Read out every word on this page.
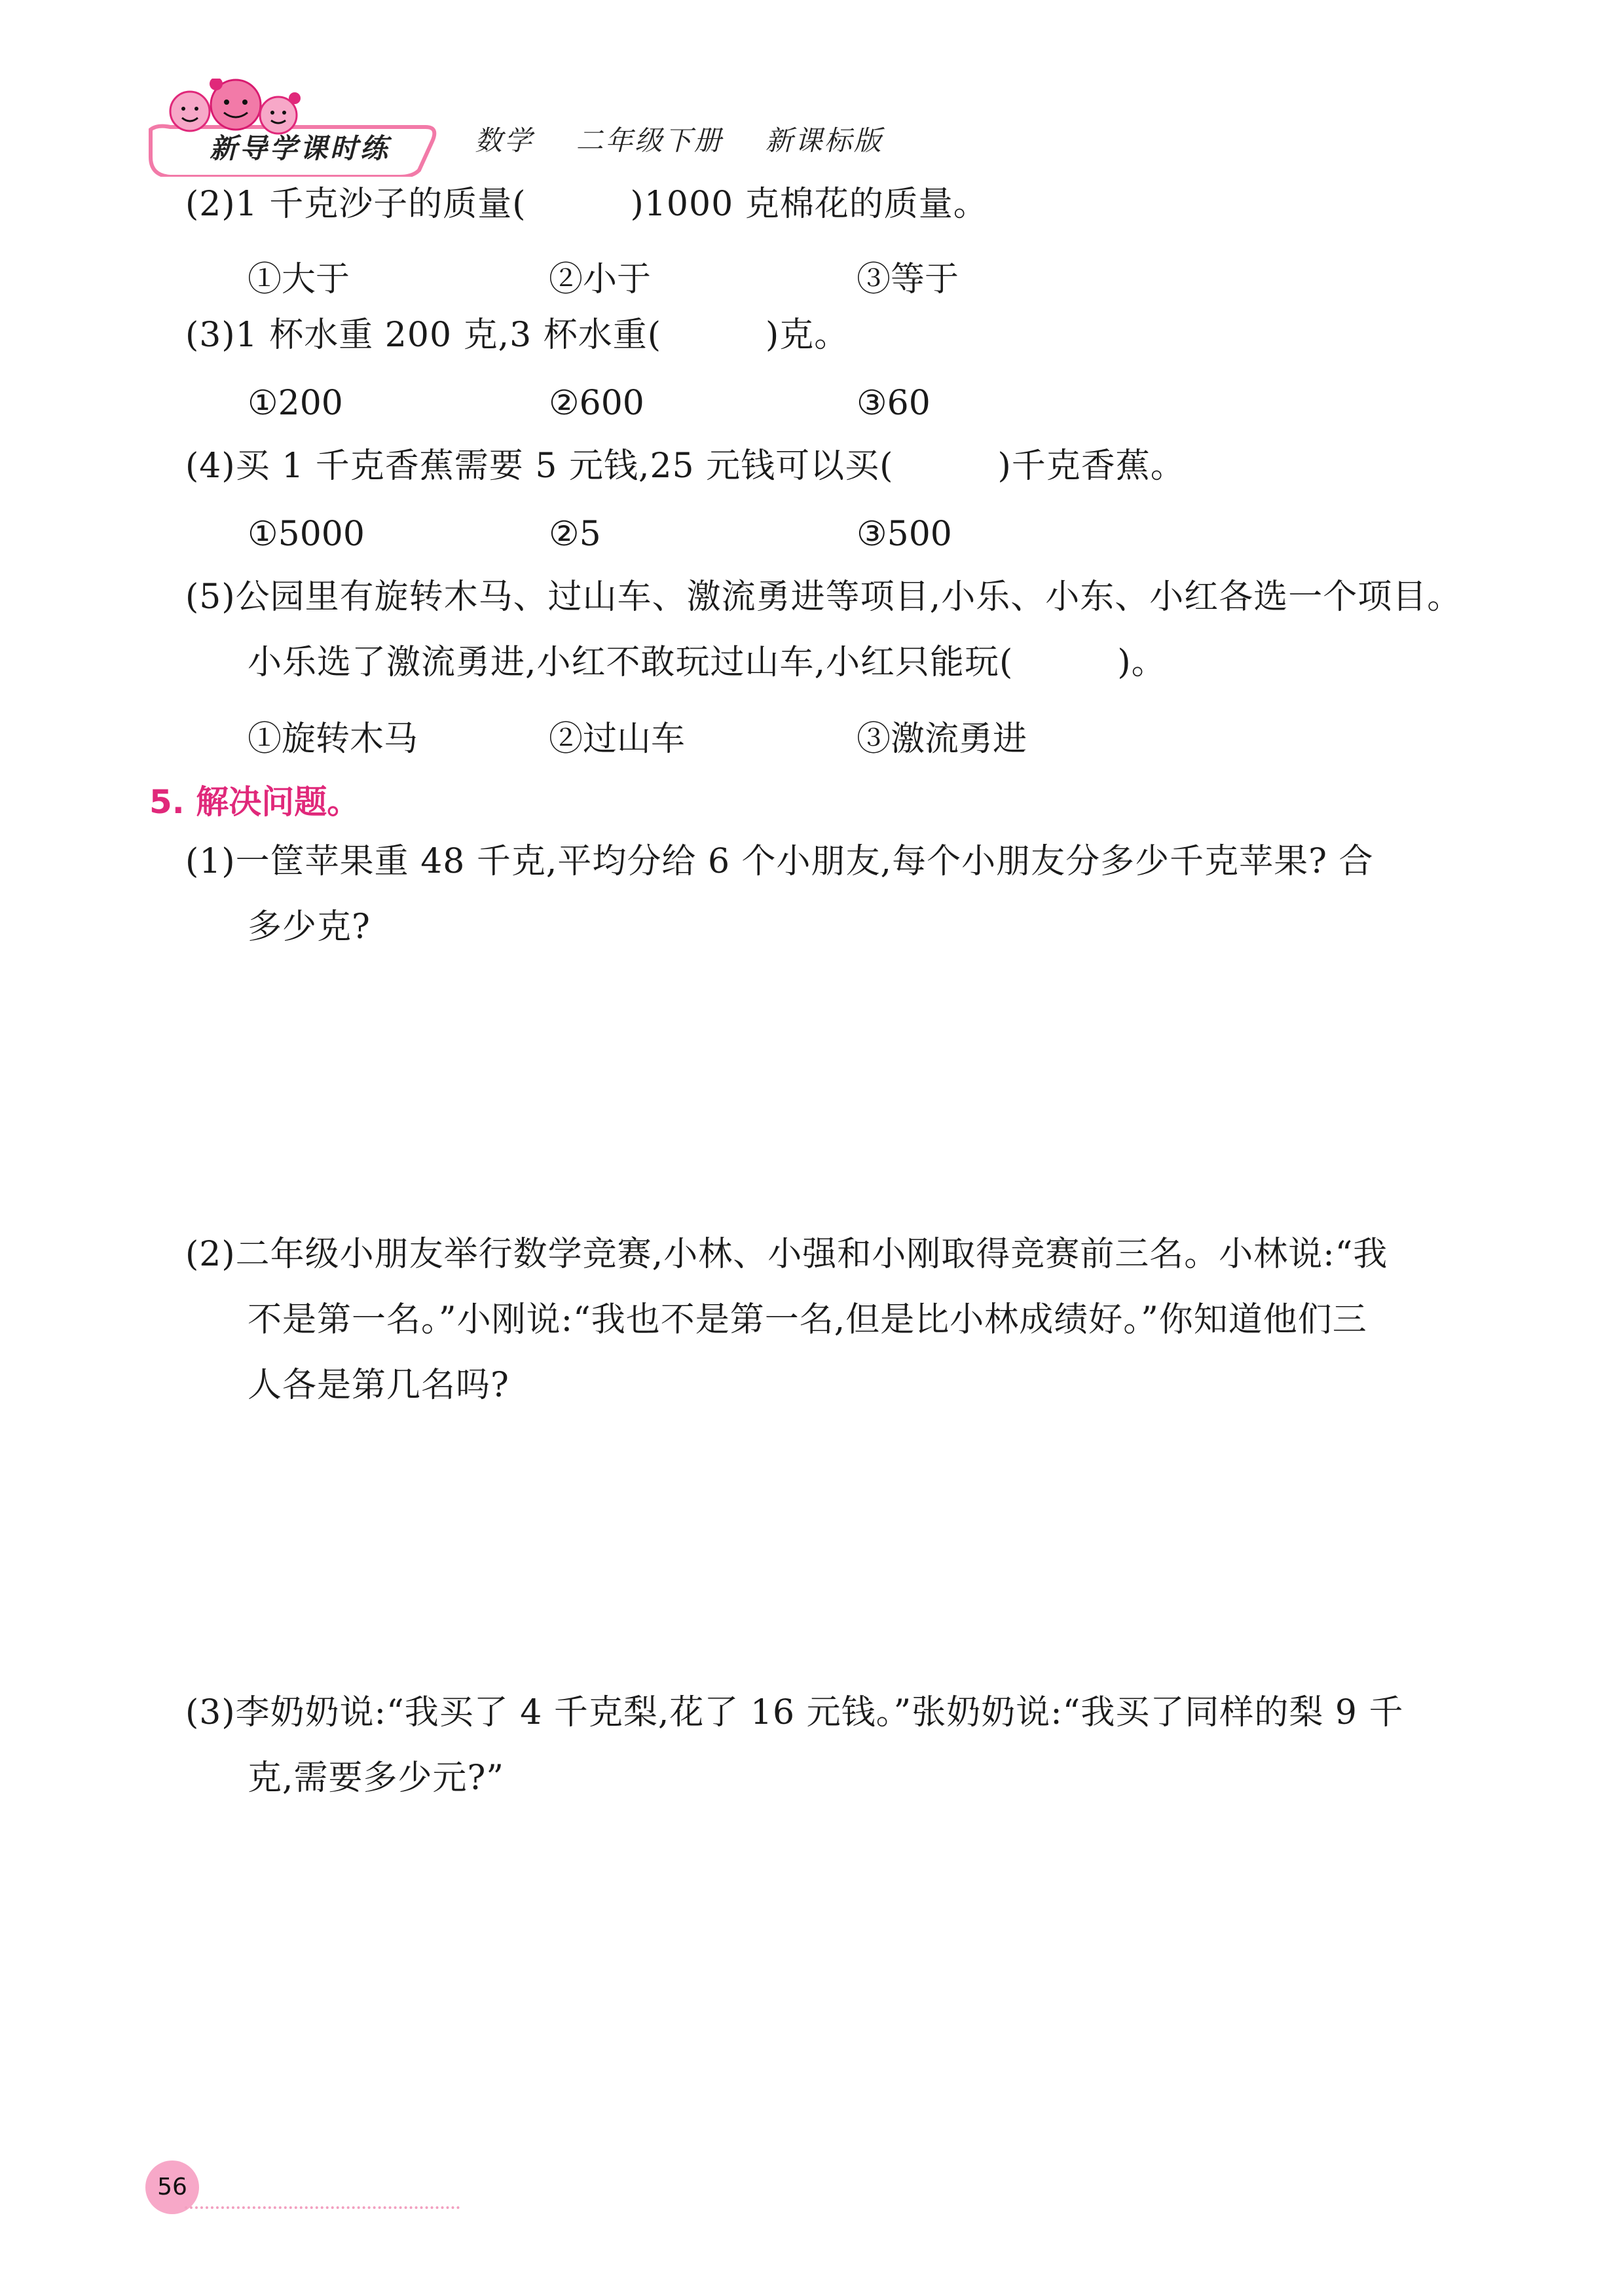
新导学课时练	数学 二年级下册 新课标版
(2)1 千克沙子的质量(　　　)1000 克棉花的质量。
①大于	②小于	③等于
(3)1 杯水重 200 克,3 杯水重(　　　)克。
①200	②600	③60
(4)买 1 千克香蕉需要 5 元钱,25 元钱可以买(　　　)千克香蕉。
①5000	②5	③500
(5)公园里有旋转木马、过山车、激流勇进等项目,小乐、小东、小红各选一个项目。
小乐选了激流勇进,小红不敢玩过山车,小红只能玩(　　　)。
①旋转木马	②过山车	③激流勇进
5. 解决问题。
(1)一筐苹果重 48 千克,平均分给 6 个小朋友,每个小朋友分多少千克苹果? 合
多少克?
(2)二年级小朋友举行数学竞赛,小林、小强和小刚取得竞赛前三名。小林说:“我
不是第一名。”小刚说:“我也不是第一名,但是比小林成绩好。”你知道他们三
人各是第几名吗?
(3)李奶奶说:“我买了 4 千克梨,花了 16 元钱。”张奶奶说:“我买了同样的梨 9 千
克,需要多少元?”
56
